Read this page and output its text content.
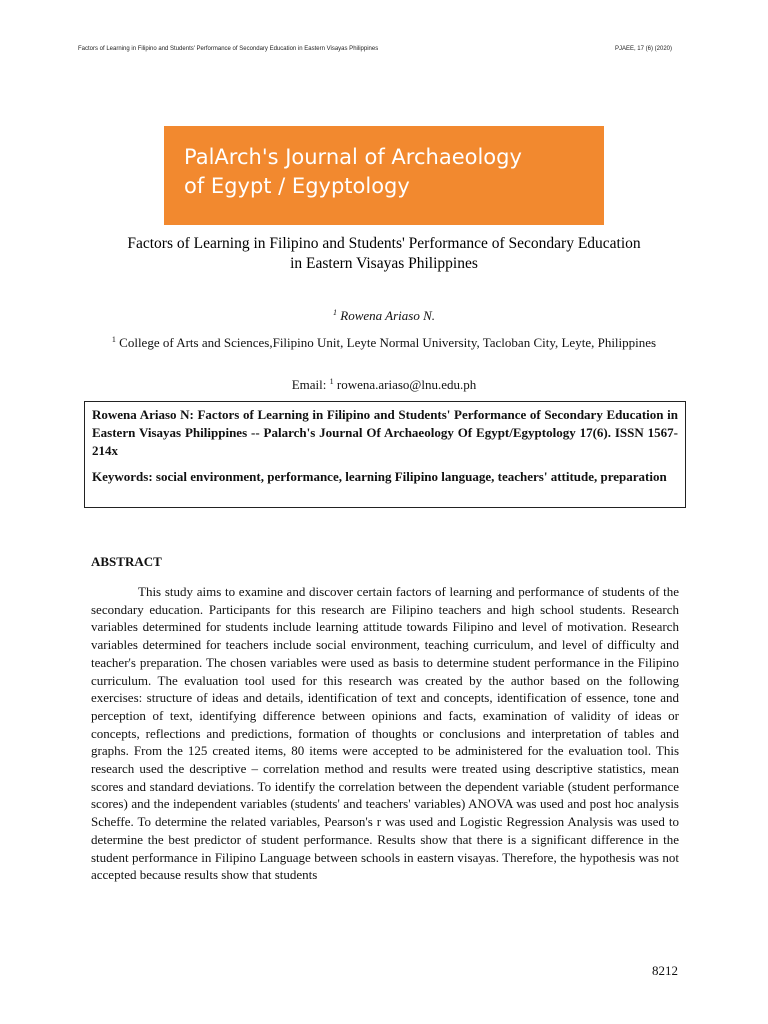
Factors of Learning in Filipino and Students' Performance of Secondary Education in Eastern Visayas Philippines	PJAEE, 17 (6) (2020)
PalArch's Journal of Archaeology
of Egypt / Egyptology
Factors of Learning in Filipino and Students' Performance of Secondary Education
in Eastern Visayas Philippines
$^1$ Rowena Ariaso N.
$^1$ College of Arts and Sciences,Filipino Unit, Leyte Normal University, Tacloban City, Leyte, Philippines
Email: $^1$ rowena.ariaso@lnu.edu.ph

Rowena Ariaso N: Factors of Learning in Filipino and Students' Performance of Secondary Education in Eastern Visayas Philippines -- Palarch's Journal Of Archaeology Of Egypt/Egyptology 17(6). ISSN 1567-214x

Keywords: social environment, performance, learning Filipino language, teachers' attitude, preparation

ABSTRACT

This study aims to examine and discover certain factors of learning and performance of students of the secondary education. Participants for this research are Filipino teachers and high school students. Research variables determined for students include learning attitude towards Filipino and level of motivation. Research variables determined for teachers include social environment, teaching curriculum, and level of difficulty and teacher's preparation. The chosen variables were used as basis to determine student performance in the Filipino curriculum. The evaluation tool used for this research was created by the author based on the following exercises: structure of ideas and details, identification of text and concepts, identification of essence, tone and perception of text, identifying difference between opinions and facts, examination of validity of ideas or concepts, reflections and predictions, formation of thoughts or conclusions and interpretation of tables and graphs. From the 125 created items, 80 items were accepted to be administered for the evaluation tool. This research used the descriptive – correlation method and results were treated using descriptive statistics, mean scores and standard deviations. To identify the correlation between the dependent variable (student performance scores) and the independent variables (students' and teachers' variables) ANOVA was used and post hoc analysis Scheffe. To determine the related variables, Pearson's r was used and Logistic Regression Analysis was used to determine the best predictor of student performance. Results show that there is a significant difference in the student performance in Filipino Language between schools in eastern visayas. Therefore, the hypothesis was not accepted because results show that students

8212
